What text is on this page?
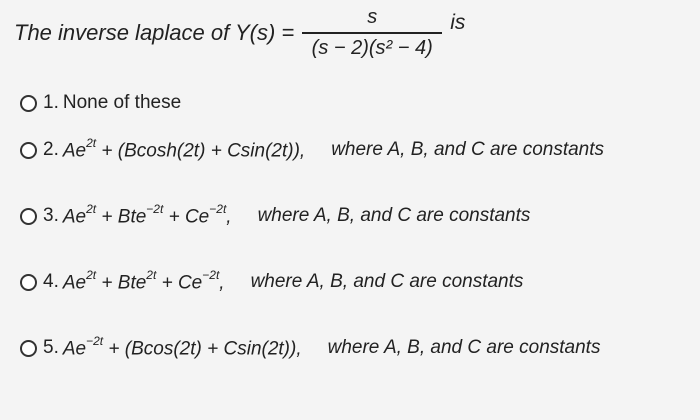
The inverse laplace of $Y(s) = \frac{s}{\text{(s − 2)(s² − 4)}}$ is
1. None of these
2. $Ae^{2t} + (Bcosh(2t) + Csin(2t))$, where A, B, and C are constants
3. $Ae^{2t} + Bte^{-2t} + Ce^{-2t}$, where A, B, and C are constants
4. $Ae^{2t} + Bte^{2t} + Ce^{-2t}$, where A, B, and C are constants
5. $Ae^{-2t} + (Bcos(2t) + Csin(2t))$, where A, B, and C are constants
